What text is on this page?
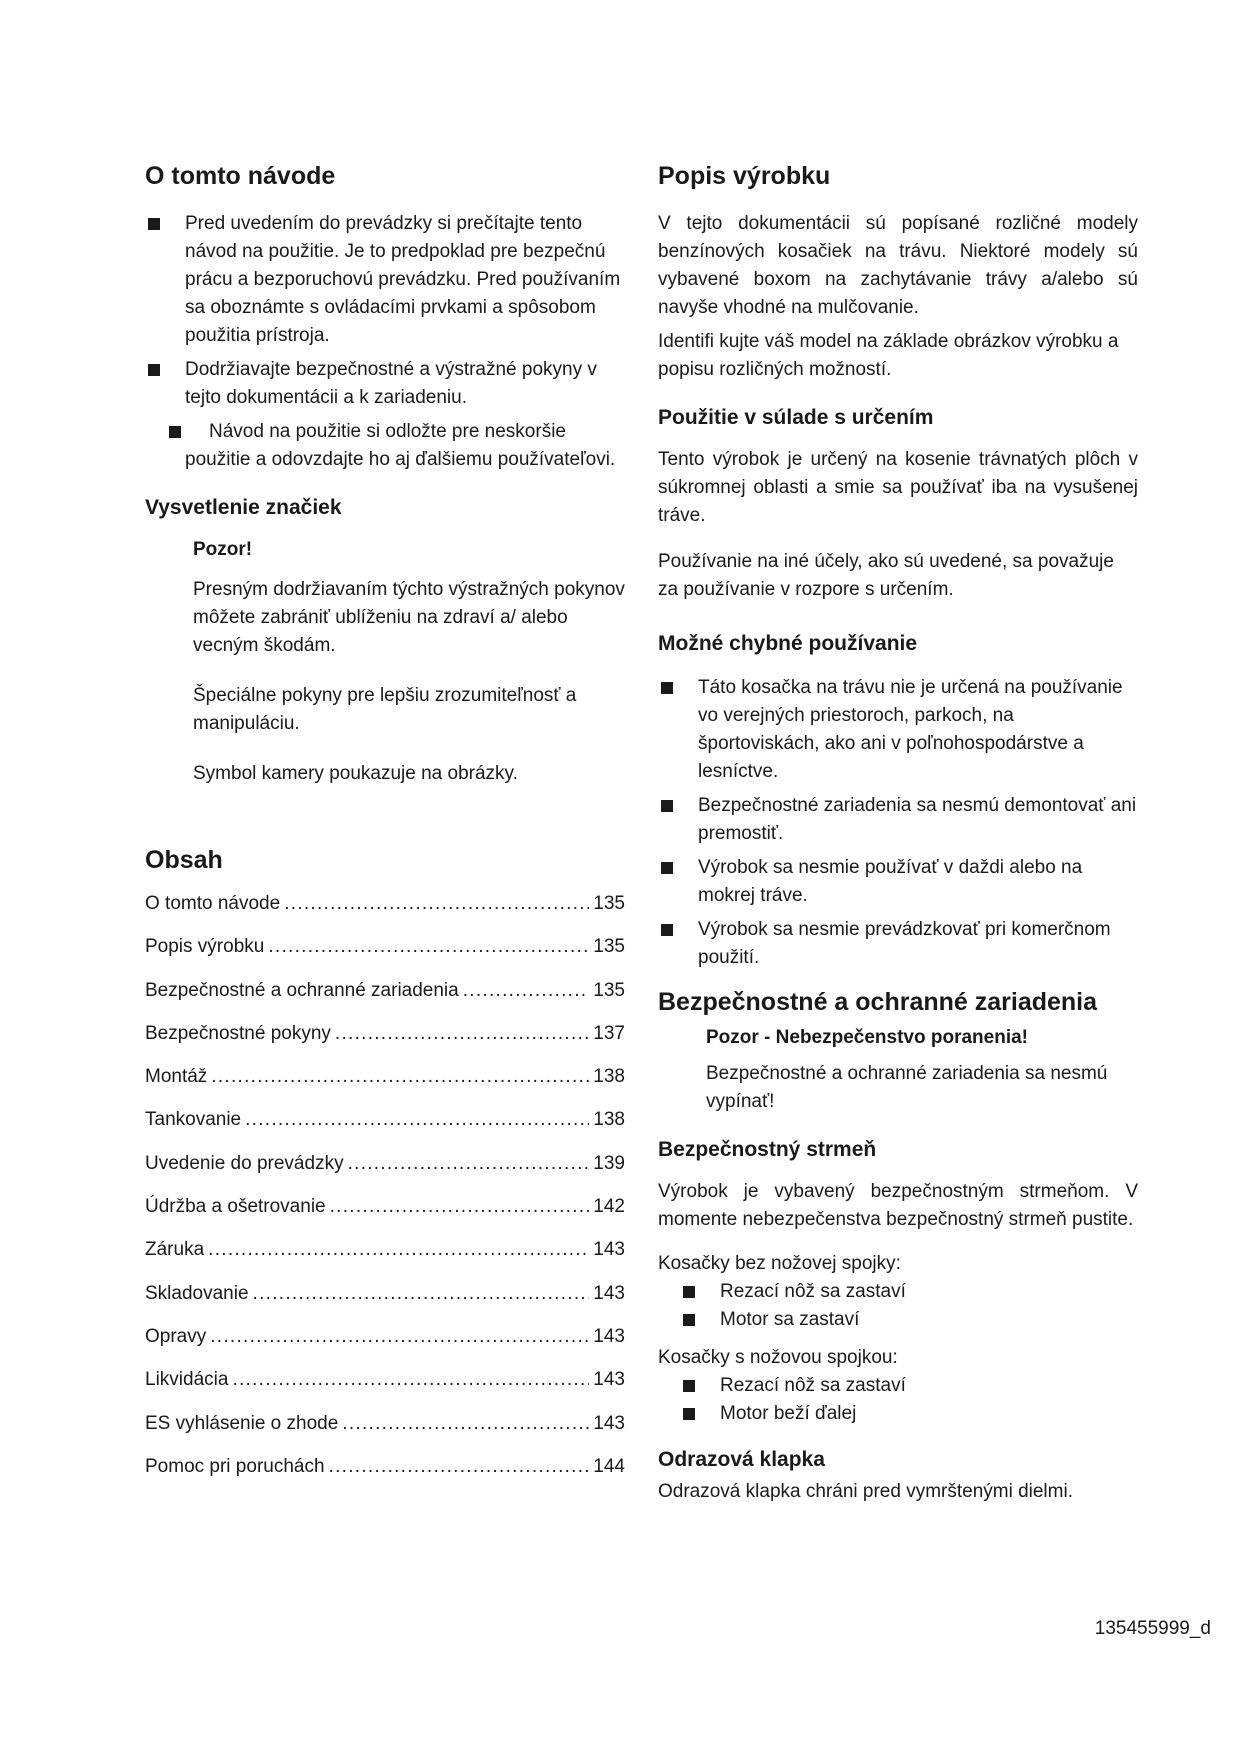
O tomto návode
Pred uvedením do prevádzky si prečítajte tento návod na použitie. Je to predpoklad pre bezpečnú prácu a bezporuchovú prevádzku. Pred používaním sa oboznámte s ovládacími prvkami a spôsobom použitia prístroja.
Dodržiavajte bezpečnostné a výstražné pokyny v tejto dokumentácii a k zariadeniu.
Návod na použitie si odložte pre neskoršie použitie a odovzdajte ho aj ďalšiemu používateľovi.
Vysvetlenie značiek

Pozor!

Presným dodržiavaním týchto výstražných pokynov môžete zabrániť ublíženiu na zdraví a/ alebo vecným škodám.

Špeciálne pokyny pre lepšiu zrozumiteľnosť a manipuláciu.

Symbol kamery poukazuje na obrázky.

Obsah
O tomto návode . . .	135
Popis výrobku . . .	135
Bezpečnostné a ochranné zariadenia . . .	135
Bezpečnostné pokyny . . .	137
Montáž . . .	138
Tankovanie . . .	138
Uvedenie do prevádzky . . .	139
Údržba a ošetrovanie . . .	142
Záruka . . .	143
Skladovanie . . .	143
Opravy . . .	143
Likvidácia . . .	143
ES vyhlásenie o zhode . . .	143
Pomoc pri poruchách . . .	144
Popis výrobku

V tejto dokumentácii sú popísané rozličné modely benzínových kosačiek na trávu. Niektoré modely sú vybavené boxom na zachytávanie trávy a/alebo sú navyše vhodné na mulčovanie.

Identifi kujte váš model na základe obrázkov výrobku a popisu rozličných možností.

Použitie v súlade s určením

Tento výrobok je určený na kosenie trávnatých plôch v súkromnej oblasti a smie sa používať iba na vysušenej tráve.

Používanie na iné účely, ako sú uvedené, sa považuje za používanie v rozpore s určením.

Možné chybné používanie
Táto kosačka na trávu nie je určená na používanie vo verejných priestoroch, parkoch, na športoviskách, ako ani v poľnohospodárstve a lesníctve.
Bezpečnostné zariadenia sa nesmú demontovať ani premostiť.
Výrobok sa nesmie používať v daždi alebo na mokrej tráve.
Výrobok sa nesmie prevádzkovať pri komerčnom použití.
Bezpečnostné a ochranné zariadenia

Pozor - Nebezpečenstvo poranenia!

Bezpečnostné a ochranné zariadenia sa nesmú vypínať!

Bezpečnostný strmeň

Výrobok je vybavený bezpečnostným strmeňom. V momente nebezpečenstva bezpečnostný strmeň pustite.

Kosačky bez nožovej spojky:

Rezací nôž sa zastaví
Motor sa zastaví

Kosačky s nožovou spojkou:

Rezací nôž sa zastaví
Motor beží ďalej
Odrazová klapka

Odrazová klapka chráni pred vymrštenými dielmi.

135455999_d
